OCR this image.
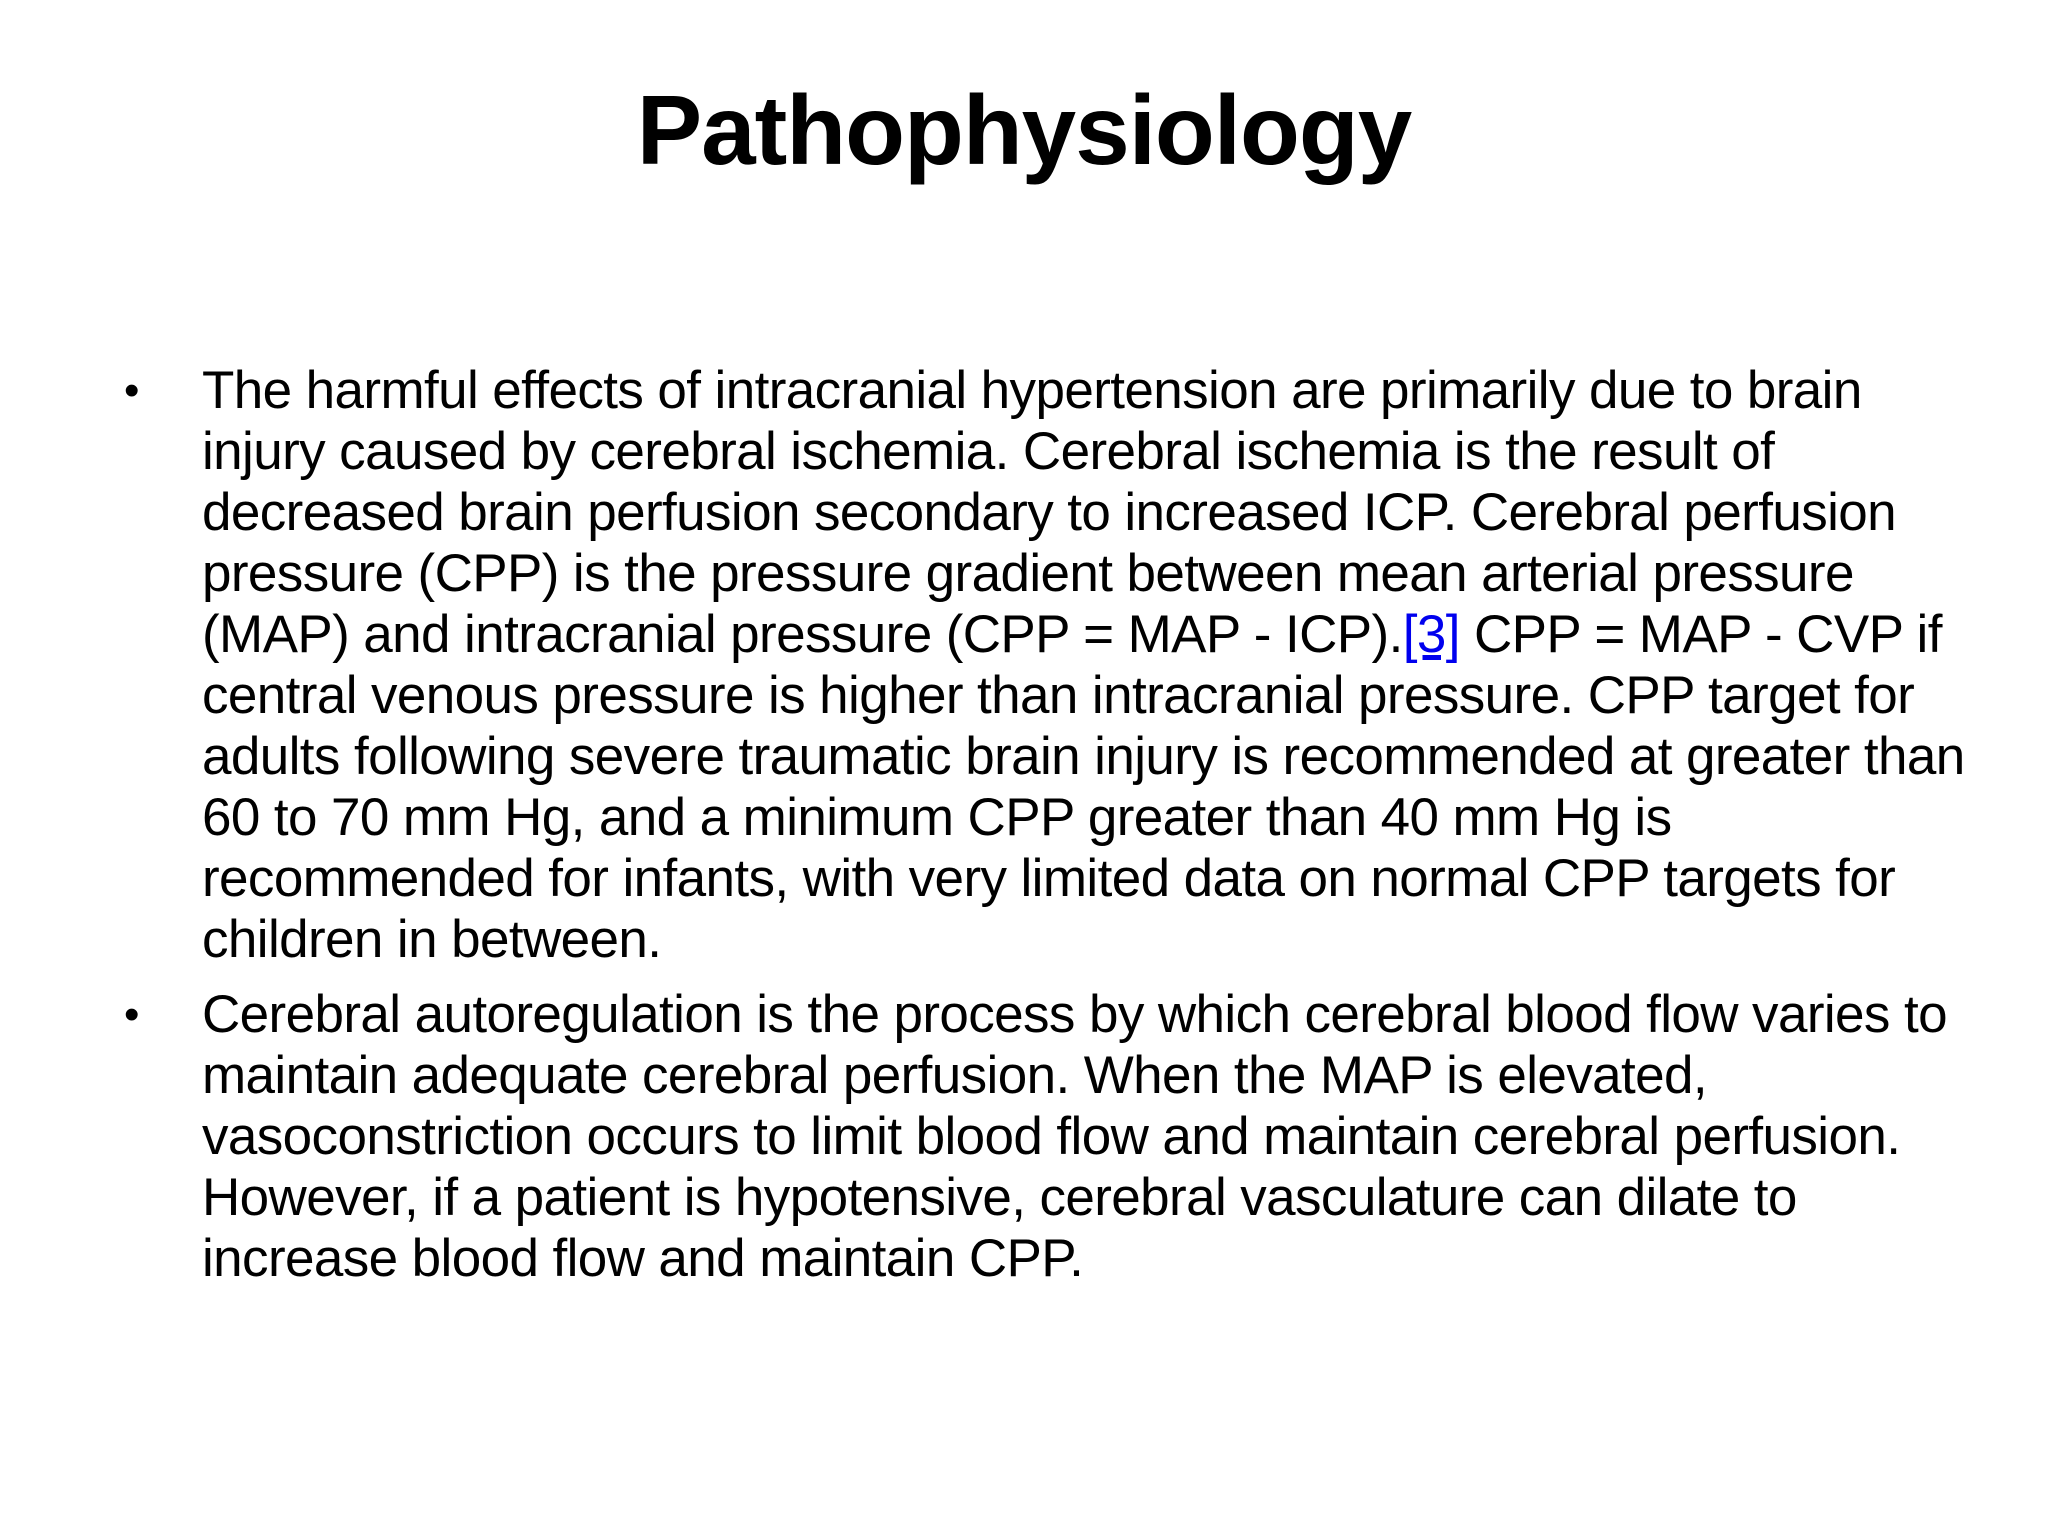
Pathophysiology
• The harmful effects of intracranial hypertension are primarily due to brain injury caused by cerebral ischemia. Cerebral ischemia is the result of decreased brain perfusion secondary to increased ICP. Cerebral perfusion pressure (CPP) is the pressure gradient between mean arterial pressure (MAP) and intracranial pressure (CPP = MAP - ICP).[3] CPP = MAP - CVP if central venous pressure is higher than intracranial pressure. CPP target for adults following severe traumatic brain injury is recommended at greater than 60 to 70 mm Hg, and a minimum CPP greater than 40 mm Hg is recommended for infants, with very limited data on normal CPP targets for children in between.
• Cerebral autoregulation is the process by which cerebral blood flow varies to maintain adequate cerebral perfusion. When the MAP is elevated, vasoconstriction occurs to limit blood flow and maintain cerebral perfusion. However, if a patient is hypotensive, cerebral vasculature can dilate to increase blood flow and maintain CPP.
